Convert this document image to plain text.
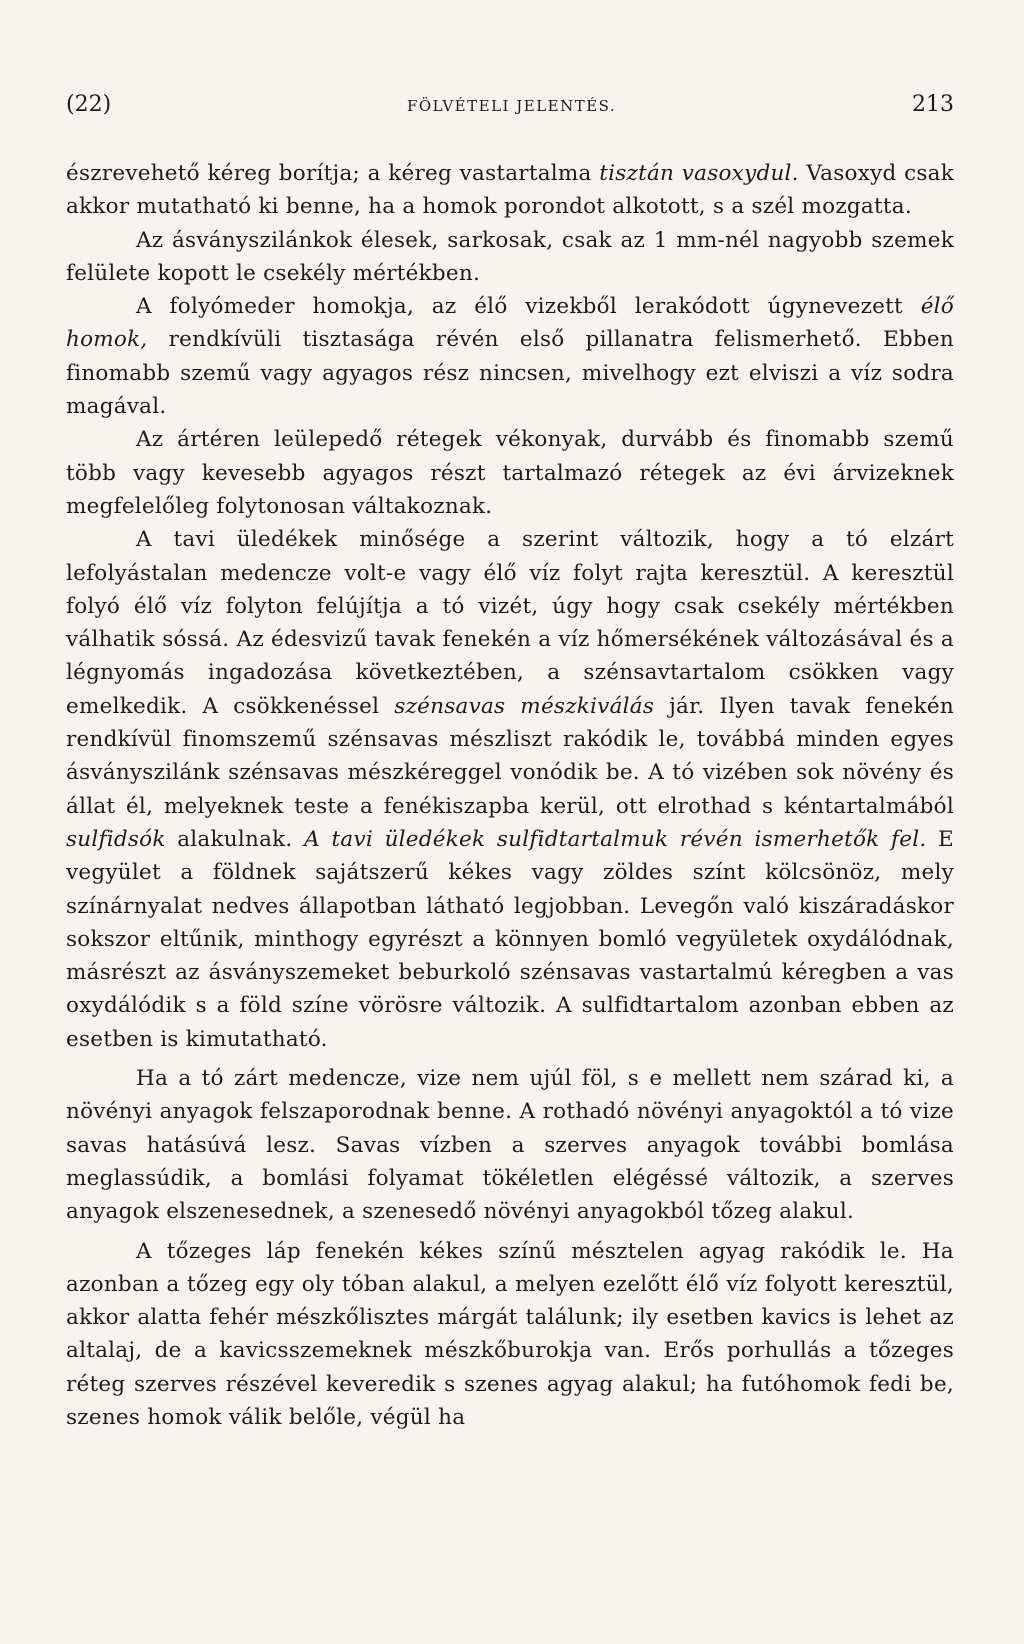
(22)	FÖLVÉTELI JELENTÉS.	213

észrevehető kéreg borítja; a kéreg vastartalma tisztán vasoxydul. Vasoxyd csak akkor mutatható ki benne, ha a homok porondot alkotott, s a szél mozgatta.

Az ásványszilánkok élesek, sarkosak, csak az 1 mm-nél nagyobb szemek felülete kopott le csekély mértékben.

A folyómeder homokja, az élő vizekből lerakódott úgynevezett élő homok, rendkívüli tisztasága révén első pillanatra felismerhető. Ebben finomabb szemű vagy agyagos rész nincsen, mivelhogy ezt elviszi a víz sodra magával.

Az ártéren leülepedő rétegek vékonyak, durvább és finomabb szemű több vagy kevesebb agyagos részt tartalmazó rétegek az évi árvizeknek megfelelőleg folytonosan váltakoznak.

A tavi üledékek minősége a szerint változik, hogy a tó elzárt lefolyástalan medencze volt-e vagy élő víz folyt rajta keresztül. A keresztül folyó élő víz folyton felújítja a tó vizét, úgy hogy csak csekély mértékben válhatik sóssá. Az édesvizű tavak fenekén a víz hőmersékének változásával és a légnyomás ingadozása következtében, a szénsavtartalom csökken vagy emelkedik. A csökkenéssel szénsavas mészkiválás jár. Ilyen tavak fenekén rendkívül finomszemű szénsavas mészliszt rakódik le, továbbá minden egyes ásványszilánk szénsavas mészkéreggel vonódik be. A tó vizében sok növény és állat él, melyeknek teste a fenékiszapba kerül, ott elrothad s kéntartalmából sulfidsók alakulnak. A tavi üledékek sulfidtartalmuk révén ismerhetők fel. E vegyület a földnek sajátszerű kékes vagy zöldes színt kölcsönöz, mely színárnyalat nedves állapotban látható legjobban. Levegőn való kiszáradáskor sokszor eltűnik, minthogy egyrészt a könnyen bomló vegyületek oxydálódnak, másrészt az ásványszemeket beburkoló szénsavas vastartalmú kéregben a vas oxydálódik s a föld színe vörösre változik. A sulfidtartalom azonban ebben az esetben is kimutatható.

Ha a tó zárt medencze, vize nem ujúl föl, s e mellett nem szárad ki, a növényi anyagok felszaporodnak benne. A rothadó növényi anyagoktól a tó vize savas hatásúvá lesz. Savas vízben a szerves anyagok további bomlása meglassúdik, a bomlási folyamat tökéletlen elégéssé változik, a szerves anyagok elszenesednek, a szenesedő növényi anyagokból tőzeg alakul.

A tőzeges láp fenekén kékes színű mésztelen agyag rakódik le. Ha azonban a tőzeg egy oly tóban alakul, a melyen ezelőtt élő víz folyott keresztül, akkor alatta fehér mészkőlisztes márgát találunk; ily esetben kavics is lehet az altalaj, de a kavicsszemeknek mészkőburokja van. Erős porhullás a tőzeges réteg szerves részével keveredik s szenes agyag alakul; ha futóhomok fedi be, szenes homok válik belőle, végül ha
